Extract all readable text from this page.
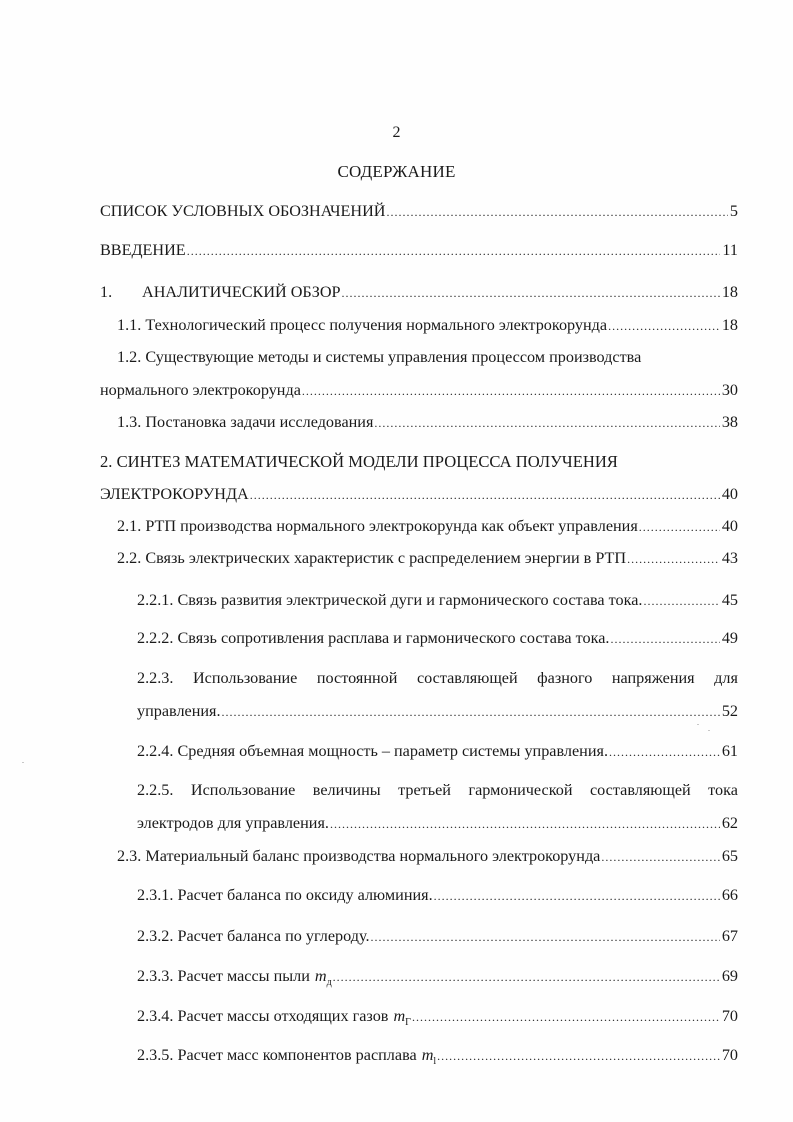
2
СОДЕРЖАНИЕ
СПИСОК УСЛОВНЫХ ОБОЗНАЧЕНИЙ .....	5
ВВЕДЕНИЕ .....	11
1.	АНАЛИТИЧЕСКИЙ ОБЗОР .....	18
1.1. Технологический процесс получения нормального электрокорунда .....	18
1.2. Существующие методы и системы управления процессом производства
нормального электрокорунда .....	30
1.3. Постановка задачи исследования .....	38
2. СИНТЕЗ МАТЕМАТИЧЕСКОЙ МОДЕЛИ ПРОЦЕССА ПОЛУЧЕНИЯ
ЭЛЕКТРОКОРУНДА .....	40
2.1. РТП производства нормального электрокорунда как объект управления .....	40
2.2. Связь электрических характеристик с распределением энергии в РТП .....	43
2.2.1. Связь развития электрической дуги и гармонического состава тока. .....	45
2.2.2. Связь сопротивления расплава и гармонического состава тока. .....	49
2.2.3. Использование постоянной составляющей фазного напряжения для
управления. .....	52
2.2.4. Средняя объемная мощность – параметр системы управления. .....	61
2.2.5. Использование величины третьей гармонической составляющей тока
электродов для управления. .....	62
2.3. Материальный баланс производства нормального электрокорунда .....	65
2.3.1. Расчет баланса по оксиду алюминия. .....	66
2.3.2. Расчет баланса по углероду. .....	67
2.3.3. Расчет массы пыли $m_д$ .....	69
2.3.4. Расчет массы отходящих газов $m_Г$ .....	70
2.3.5. Расчет масс компонентов расплава $m_l$ .....	70
